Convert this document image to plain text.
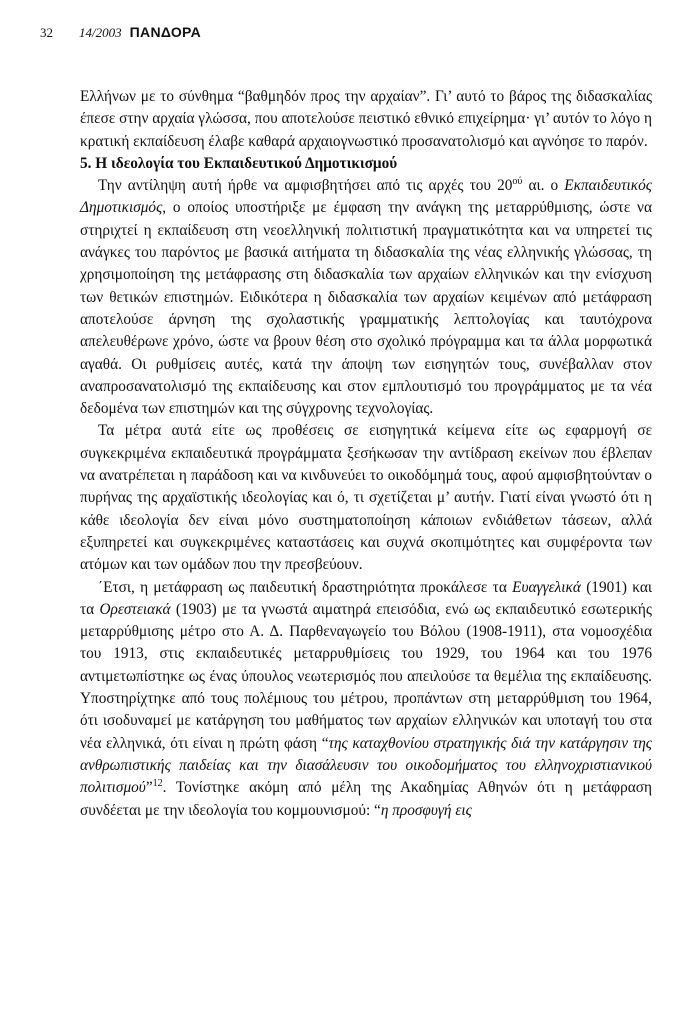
32 14/2003 ΠΑΝΔΟΡΑ

Ελλήνων με το σύνθημα “βαθμηδόν προς την αρχαίαν”. Γι’ αυτό το βάρος της διδασκαλίας έπεσε στην αρχαία γλώσσα, που αποτελούσε πειστικό εθνικό επιχείρημα· γι’ αυτόν το λόγο η κρατική εκπαίδευση έλαβε καθαρά αρχαιογνωστικό προσανατολισμό και αγνόησε το παρόν.

5. Η ιδεολογία του Εκπαιδευτικού Δημοτικισμού

Την αντίληψη αυτή ήρθε να αμφισβητήσει από τις αρχές του $20^{oύ}$ αι. ο Εκπαιδευτικός Δημοτικισμός, ο οποίος υποστήριξε με έμφαση την ανάγκη της μεταρρύθμισης, ώστε να στηριχτεί η εκπαίδευση στη νεοελληνική πολιτιστική πραγματικότητα και να υπηρετεί τις ανάγκες του παρόντος με βασικά αιτήματα τη διδασκαλία της νέας ελληνικής γλώσσας, τη χρησιμοποίηση της μετάφρασης στη διδασκαλία των αρχαίων ελληνικών και την ενίσχυση των θετικών επιστημών. Ειδικότερα η διδασκαλία των αρχαίων κειμένων από μετάφραση αποτελούσε άρνηση της σχολαστικής γραμματικής λεπτολογίας και ταυτόχρονα απελευθέρωνε χρόνο, ώστε να βρουν θέση στο σχολικό πρόγραμμα και τα άλλα μορφωτικά αγαθά. Οι ρυθμίσεις αυτές, κατά την άποψη των εισηγητών τους, συνέβαλλαν στον αναπροσανατολισμό της εκπαίδευσης και στον εμπλουτισμό του προγράμματος με τα νέα δεδομένα των επιστημών και της σύγχρονης τεχνολογίας.

Τα μέτρα αυτά είτε ως προθέσεις σε εισηγητικά κείμενα είτε ως εφαρμογή σε συγκεκριμένα εκπαιδευτικά προγράμματα ξεσήκωσαν την αντίδραση εκείνων που έβλεπαν να ανατρέπεται η παράδοση και να κινδυνεύει το οικοδόμημά τους, αφού αμφισβητούνταν ο πυρήνας της αρχαϊστικής ιδεολογίας και ό, τι σχετίζεται μ’ αυτήν. Γιατί είναι γνωστό ότι η κάθε ιδεολογία δεν είναι μόνο συστηματοποίηση κάποιων ενδιάθετων τάσεων, αλλά εξυπηρετεί και συγκεκριμένες καταστάσεις και συχνά σκοπιμότητες και συμφέροντα των ατόμων και των ομάδων που την πρεσβεύουν.

΄Ετσι, η μετάφραση ως παιδευτική δραστηριότητα προκάλεσε τα Ευαγγελικά (1901) και τα Ορεστειακά (1903) με τα γνωστά αιματηρά επεισόδια, ενώ ως εκπαιδευτικό εσωτερικής μεταρρύθμισης μέτρο στο Α. Δ. Παρθεναγωγείο του Βόλου (1908-1911), στα νομοσχέδια του 1913, στις εκπαιδευτικές μεταρρυθμίσεις του 1929, του 1964 και του 1976 αντιμετωπίστηκε ως ένας ύπουλος νεωτερισμός που απειλούσε τα θεμέλια της εκπαίδευσης. Υποστηρίχτηκε από τους πολέμιους του μέτρου, προπάντων στη μεταρρύθμιση του 1964, ότι ισοδυναμεί με κατάργηση του μαθήματος των αρχαίων ελληνικών και υποταγή του στα νέα ελληνικά, ότι είναι η πρώτη φάση “της καταχθονίου στρατηγικής διά την κατάργησιν της ανθρωπιστικής παιδείας και την διασάλευσιν του οικοδομήματος του ελληνοχριστιανικού πολιτισμού”$^{12}$. Τονίστηκε ακόμη από μέλη της Ακαδημίας Αθηνών ότι η μετάφραση συνδέεται με την ιδεολογία του κομμουνισμού: “η προσφυγή εις
